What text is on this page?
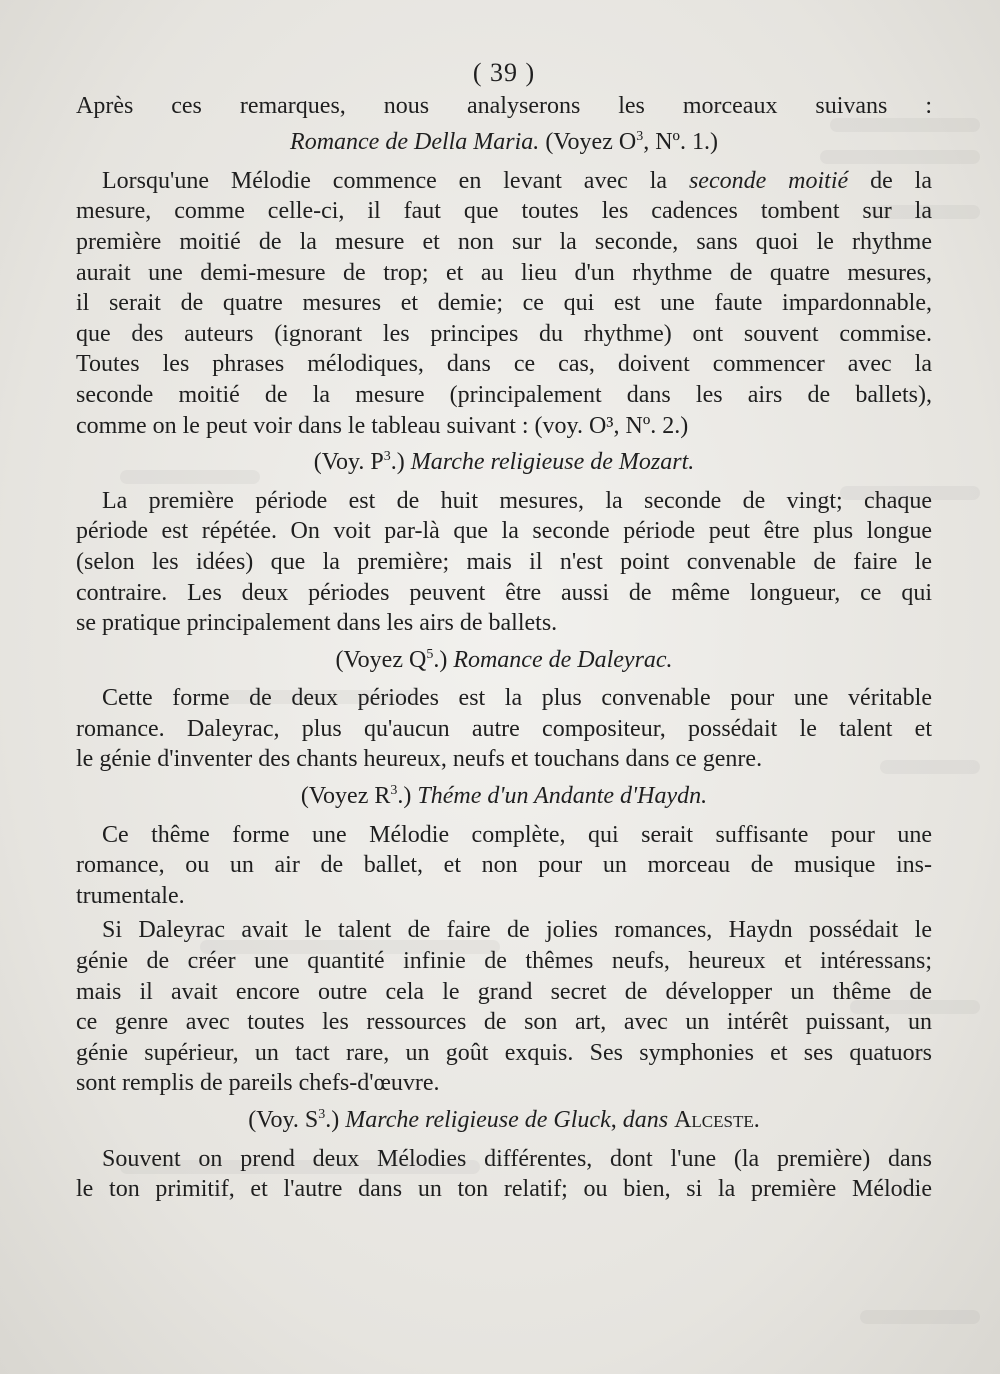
( 39 )

Après ces remarques, nous analyserons les morceaux suivans :

Romance de Della Maria. (Voyez $O^3$, Nº. 1.)

Lorsqu'une Mélodie commence en levant avec la seconde moitié de la

mesure, comme celle-ci, il faut que toutes les cadences tombent sur la

première moitié de la mesure et non sur la seconde, sans quoi le rhythme

aurait une demi-mesure de trop; et au lieu d'un rhythme de quatre mesures,

il serait de quatre mesures et demie; ce qui est une faute impardonnable,

que des auteurs (ignorant les principes du rhythme) ont souvent commise.

Toutes les phrases mélodiques, dans ce cas, doivent commencer avec la

seconde moitié de la mesure (principalement dans les airs de ballets),

comme on le peut voir dans le tableau suivant : (voy. O³, Nº. 2.)

(Voy. $P^3$.) Marche religieuse de Mozart.

La première période est de huit mesures, la seconde de vingt; chaque

période est répétée. On voit par-là que la seconde période peut être plus longue

(selon les idées) que la première; mais il n'est point convenable de faire le

contraire. Les deux périodes peuvent être aussi de même longueur, ce qui

se pratique principalement dans les airs de ballets.

(Voyez $Q^5$.) Romance de Daleyrac.

Cette forme de deux périodes est la plus convenable pour une véritable

romance. Daleyrac, plus qu'aucun autre compositeur, possédait le talent et

le génie d'inventer des chants heureux, neufs et touchans dans ce genre.

(Voyez $R^3$.) Théme d'un Andante d'Haydn.

Ce thême forme une Mélodie complète, qui serait suffisante pour une

romance, ou un air de ballet, et non pour un morceau de musique ins-

trumentale.

Si Daleyrac avait le talent de faire de jolies romances, Haydn possédait le

génie de créer une quantité infinie de thêmes neufs, heureux et intéressans;

mais il avait encore outre cela le grand secret de développer un thême de

ce genre avec toutes les ressources de son art, avec un intérêt puissant, un

génie supérieur, un tact rare, un goût exquis. Ses symphonies et ses quatuors

sont remplis de pareils chefs-d'œuvre.

(Voy. $S^3$.) Marche religieuse de Gluck, dans Alceste.

Souvent on prend deux Mélodies différentes, dont l'une (la première) dans

le ton primitif, et l'autre dans un ton relatif; ou bien, si la première Mélodie
